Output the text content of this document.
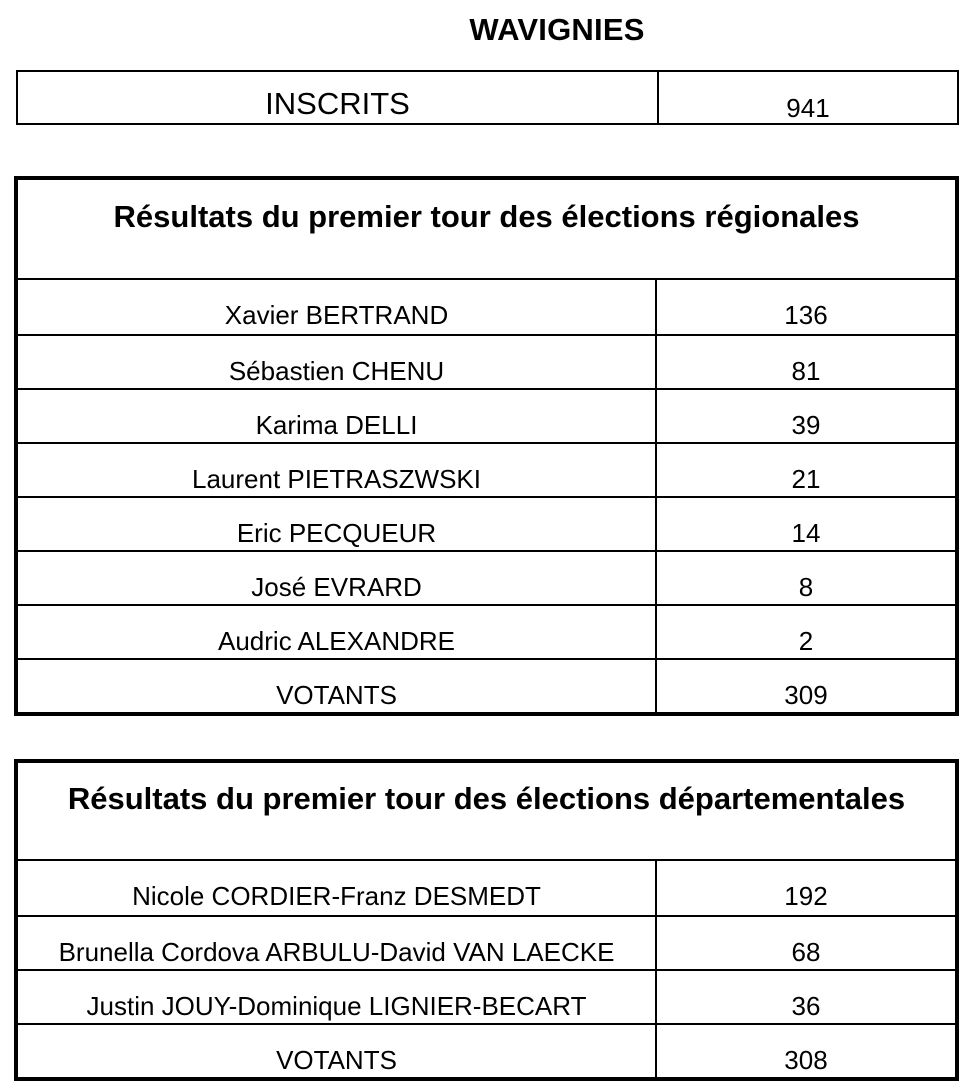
WAVIGNIES
INSCRITS	941
Résultats du premier tour des élections régionales
Xavier BERTRAND	136
Sébastien CHENU	81
Karima DELLI	39
Laurent PIETRASZWSKI	21
Eric PECQUEUR	14
José EVRARD	8
Audric ALEXANDRE	2
VOTANTS	309
Résultats du premier tour des élections départementales
Nicole CORDIER-Franz DESMEDT	192
Brunella Cordova ARBULU-David VAN LAECKE	68
Justin JOUY-Dominique LIGNIER-BECART	36
VOTANTS	308
